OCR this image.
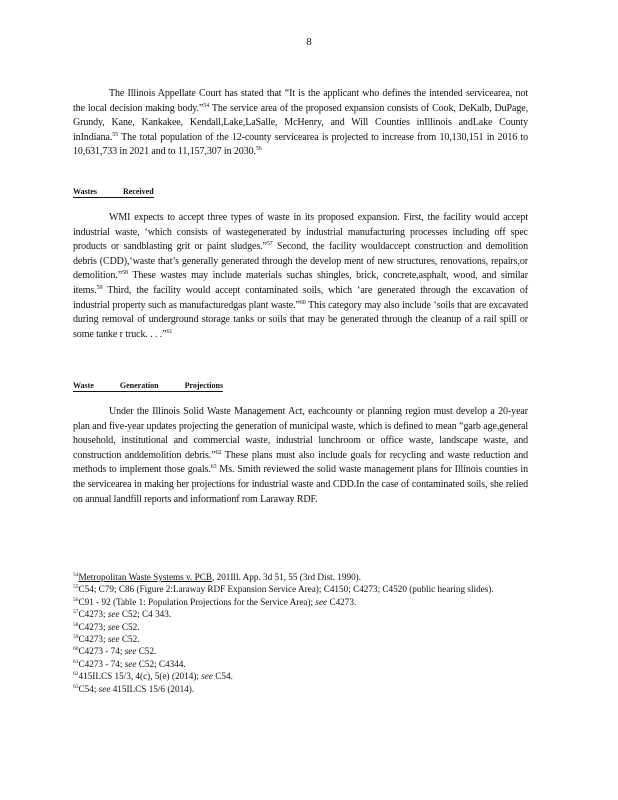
8

The Illinois Appellate Court has stated that “It is the applicant who defines the intended servicearea, not the local decision making body.”$^{54}$ The service area of the proposed expansion consists of Cook, DeKalb, DuPage, Grundy, Kane, Kankakee, Kendall,Lake,LaSalle, McHenry, and Will Counties inIllinois andLake County inIndiana.$^{55}$ The total population of the 12-county servicearea is projected to increase from 10,130,151 in 2016 to 10,631,733 in 2021 and to 11,157,307 in 2030.56

Wastes	Received

WMI expects to accept three types of waste in its proposed expansion. First, the facility would accept industrial waste, ‘which consists of wastegenerated by industrial manufacturing processes including off spec products or sandblasting grit or paint sludges.”$^{57}$ Second, the facility wouldaccept construction and demolition debris (CDD),‘waste that’s generally generated through the develop ment of new structures, renovations, repairs,or demolition.”$^{58}$ These wastes may include materials suchas shingles, brick, concrete,asphalt, wood, and similar items.$^{59}$ Third, the facility would accept contaminated soils, which ‘are generated through the excavation of industrial property such as manufacturedgas plant waste.”$^{60}$ This category may also include ‘soils that are excavated during removal of underground storage tanks or soils that may be generated through the cleanup of a rail spill or some tanke r truck. . . .”$^{61}$

Waste	Generation	Projections

Under the Illinois Solid Waste Management Act, eachcounty or planning region must develop a 20-year plan and five-year updates projecting the generation of municipal waste, which is defined to mean “garb age,general household, institutional and commercial waste, industrial lunchroom or office waste, landscape waste, and construction anddemolition debris.”$^{62}$ These plans must also include goals for recycling and waste reduction and methods to implement those goals.$^{63}$ Ms. Smith reviewed the solid waste management plans for Illinois counties in the servicearea in making her projections for industrial waste and CDD.In the case of contaminated soils, she relied on annual landfill reports and informationf rom Laraway RDF.

$^{54}$Metropolitan Waste Systems v. PCB, 201Ill. App. 3d 51, 55 (3rd Dist. 1990).

$^{55}$C54; C79; C86 (Figure 2:Laraway RDF Expansion Service Area); C4150; C4273; C4520 (public hearing slides).

$^{56}$C91 - 92 (Table 1: Population Projections for the Service Area); see C4273.

$^{57}$C4273; see C52; C4 343.

$^{58}$C4273; see C52.

$^{59}$C4273; see C52.

$^{60}$C4273 - 74; see C52.

$^{61}$C4273 - 74; see C52; C4344.

$^{62}$415ILCS 15/3, 4(c), 5(e) (2014); see C54.

$^{63}$C54; see 415ILCS 15/6 (2014).
